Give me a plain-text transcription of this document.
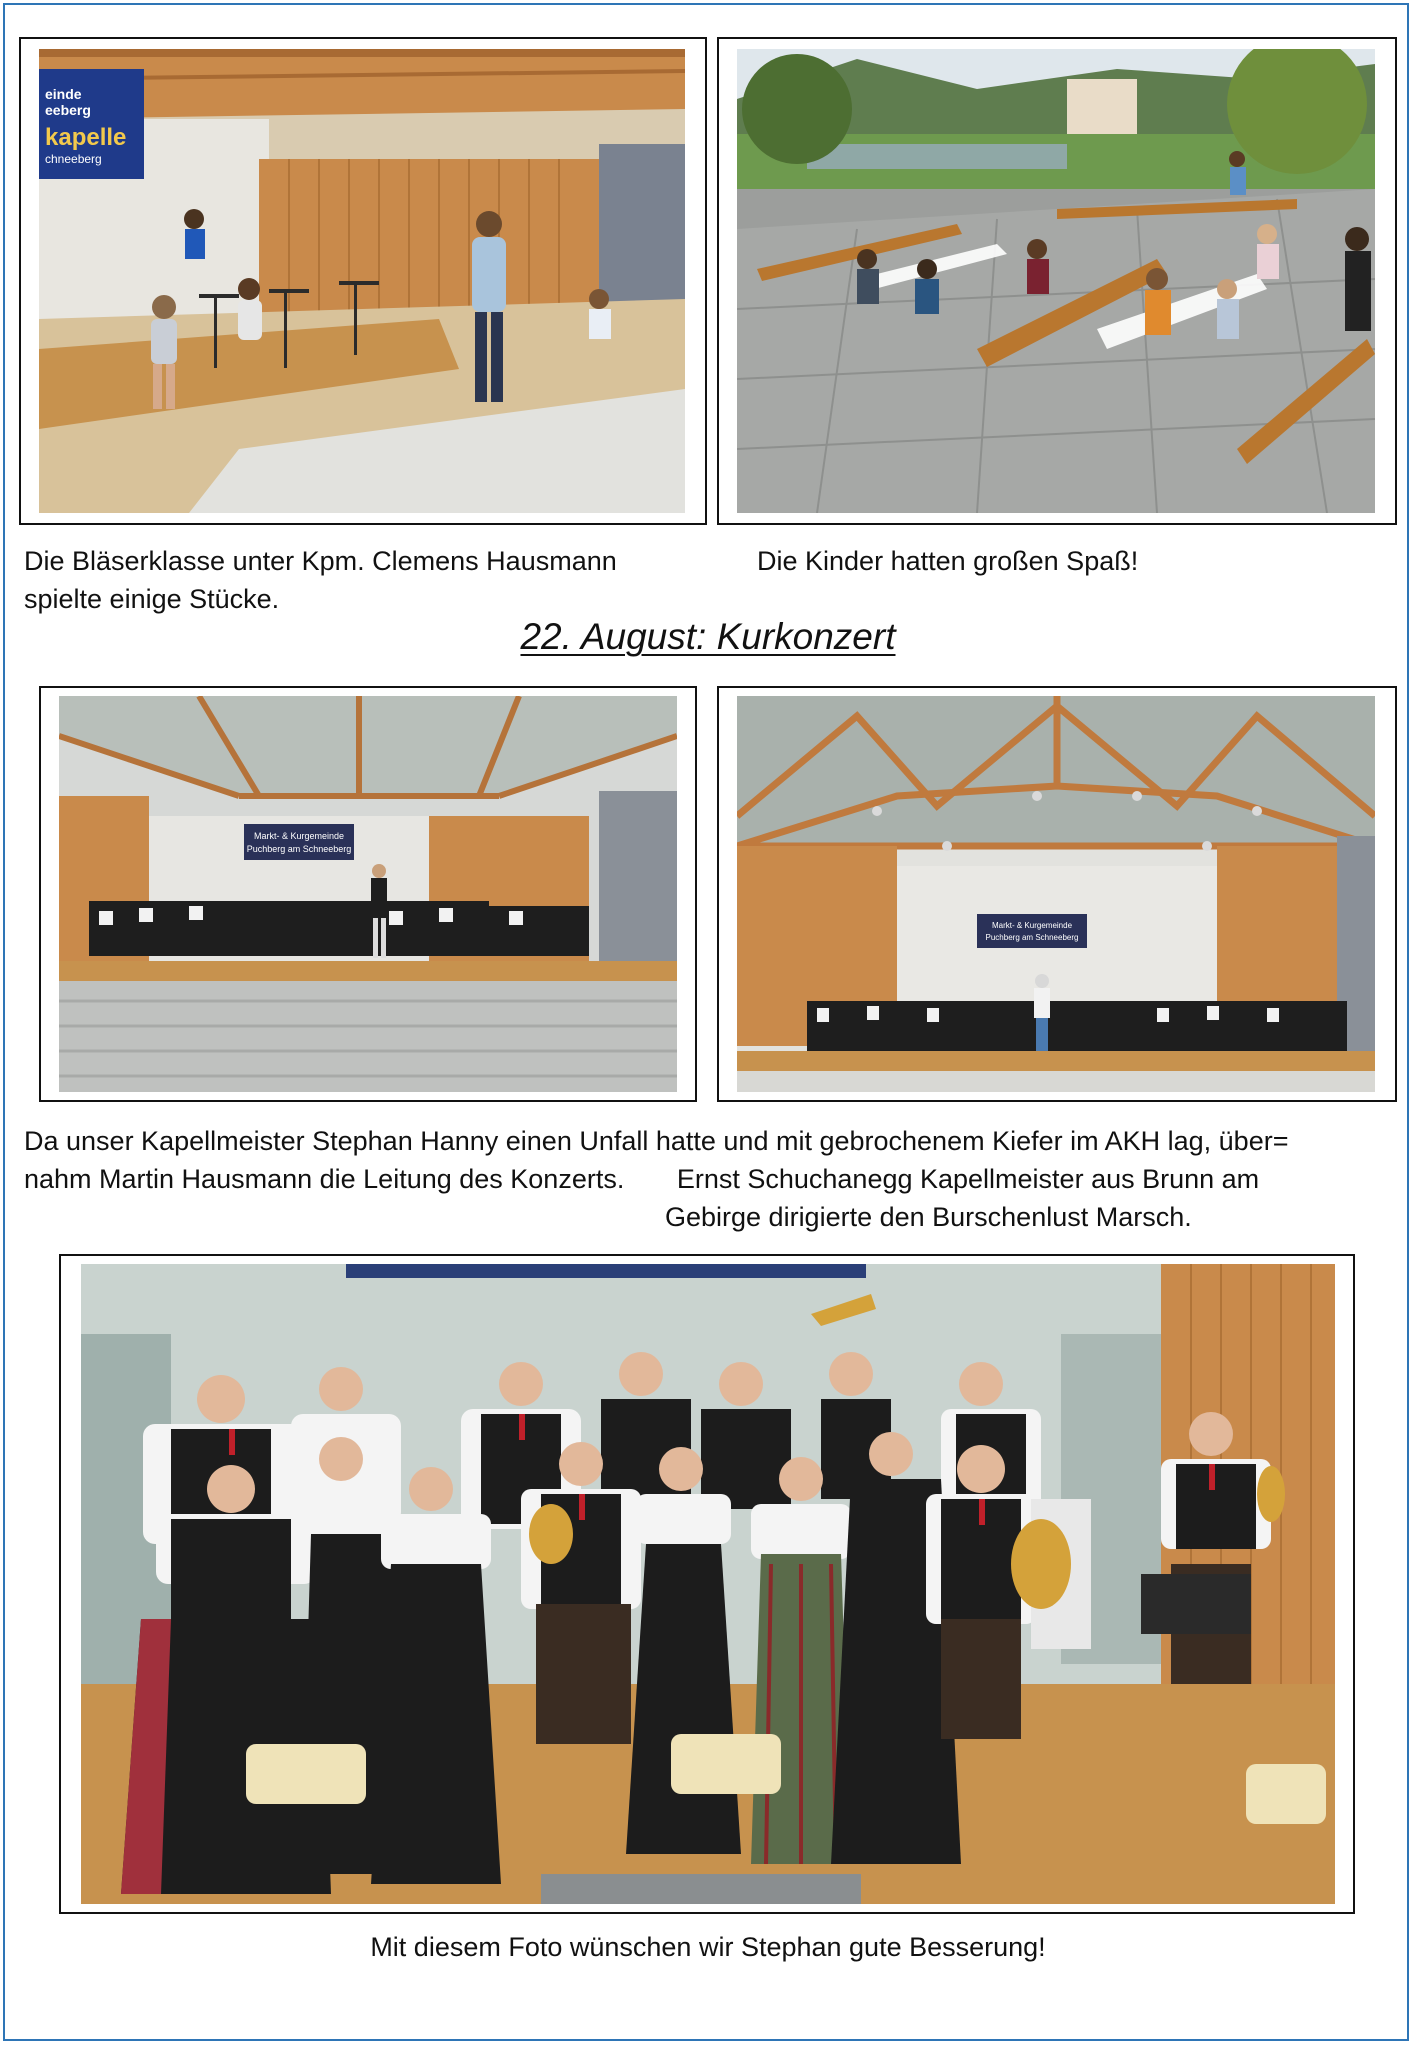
einde
eeberg
kapelle
chneeberg
Die Bläserklasse unter Kpm. Clemens Hausmann
spielte einige Stücke.
Die Kinder hatten großen Spaß!
22. August: Kurkonzert
Markt- & Kurgemeinde
Puchberg am Schneeberg
Markt- & Kurgemeinde
Puchberg am Schneeberg
Da unser Kapellmeister Stephan Hanny einen Unfall hatte und mit gebrochenem Kiefer im AKH lag, über=
nahm Martin Hausmann die Leitung des Konzerts.       Ernst Schuchanegg Kapellmeister aus Brunn am
Gebirge dirigierte den Burschenlust Marsch.
Mit diesem Foto wünschen wir Stephan gute Besserung!
